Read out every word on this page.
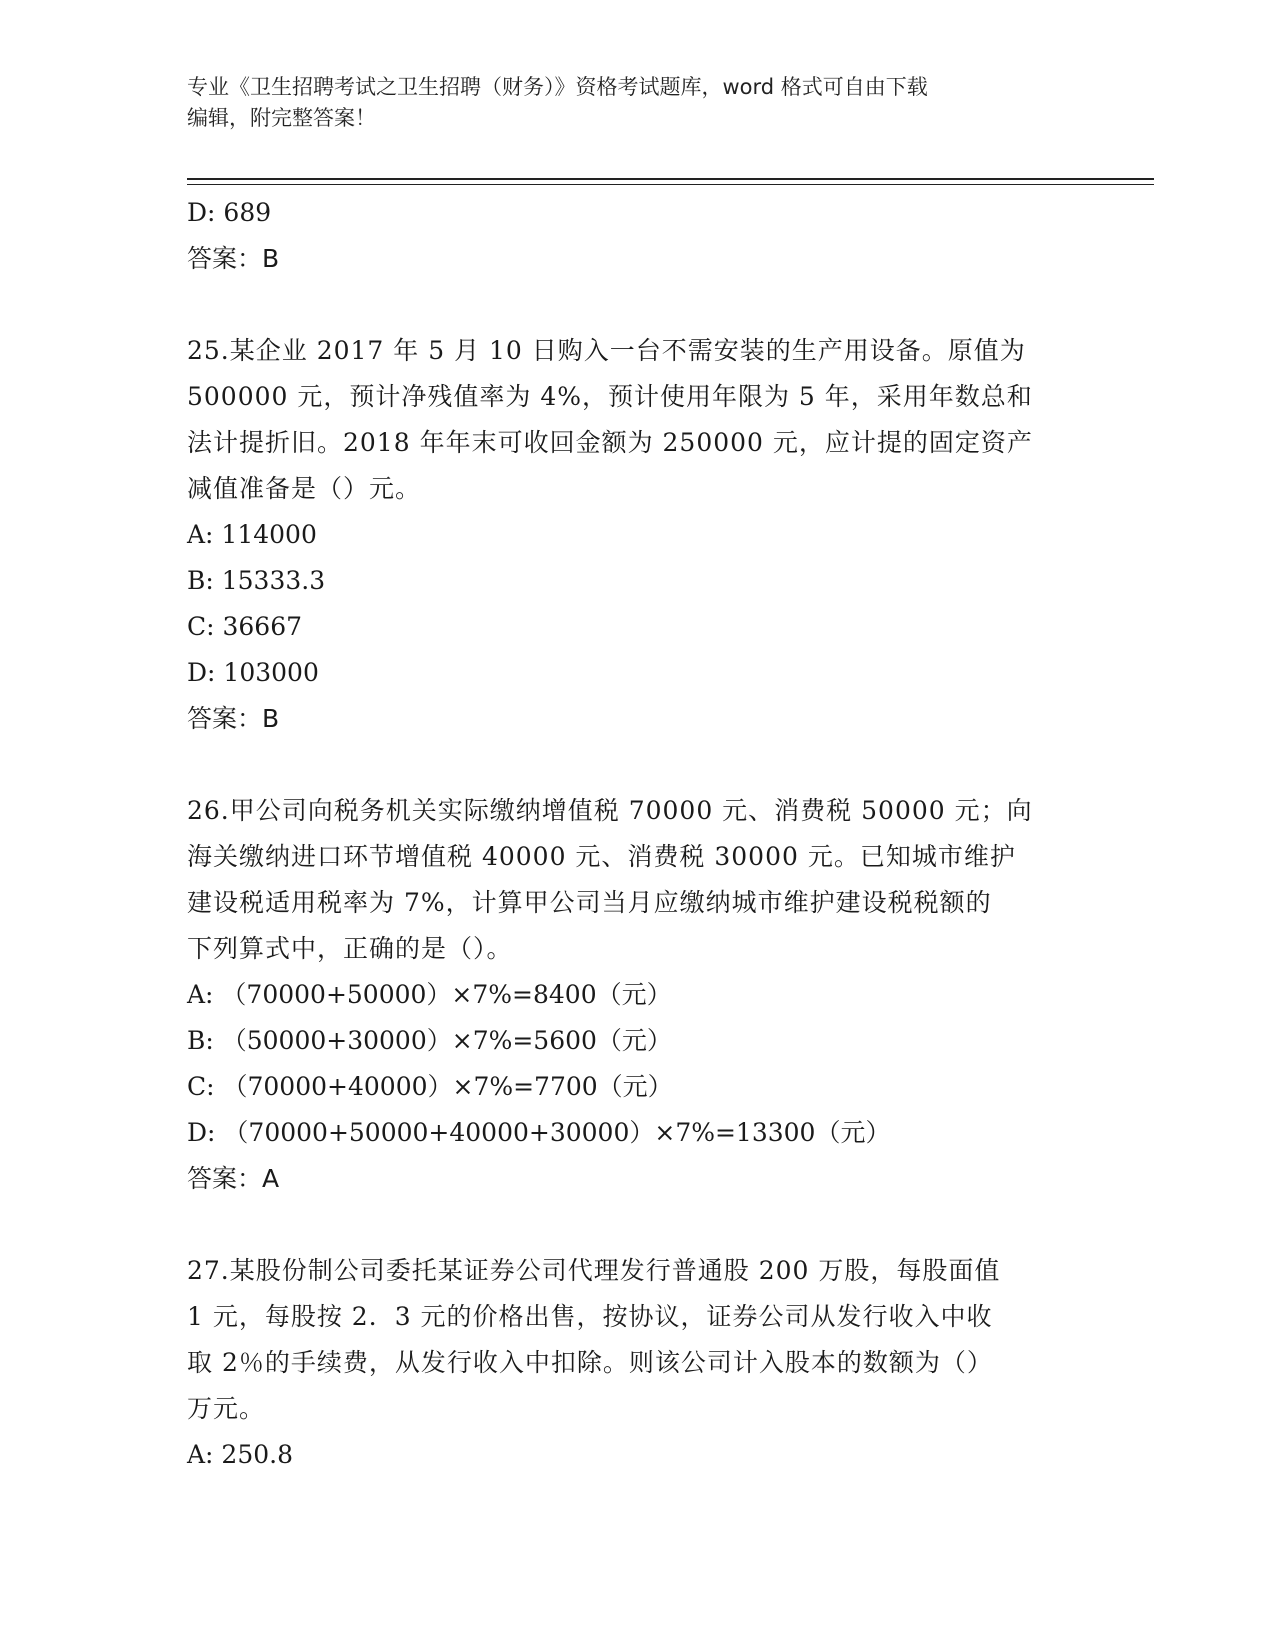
专业《卫生招聘考试之卫生招聘（财务）》资格考试题库，word 格式可自由下载
编辑，附完整答案！
D: 689
答案：B
25.某企业 2017 年 5 月 10 日购入一台不需安装的生产用设备。原值为
500000 元，预计净残值率为 4%，预计使用年限为 5 年，采用年数总和
法计提折旧。2018 年年末可收回金额为 250000 元，应计提的固定资产
减值准备是（）元。
A: 114000
B: 15333.3
C: 36667
D: 103000
答案：B
26.甲公司向税务机关实际缴纳增值税 70000 元、消费税 50000 元；向
海关缴纳进口环节增值税 40000 元、消费税 30000 元。已知城市维护
建设税适用税率为 7%，计算甲公司当月应缴纳城市维护建设税税额的
下列算式中，正确的是（）。
A: （70000+50000）×7%=8400（元）
B: （50000+30000）×7%=5600（元）
C: （70000+40000）×7%=7700（元）
D: （70000+50000+40000+30000）×7%=13300（元）
答案：A
27.某股份制公司委托某证券公司代理发行普通股 200 万股，每股面值
1 元，每股按 2．3 元的价格出售，按协议，证券公司从发行收入中收
取 2％的手续费，从发行收入中扣除。则该公司计入股本的数额为（）
万元。
A: 250.8
